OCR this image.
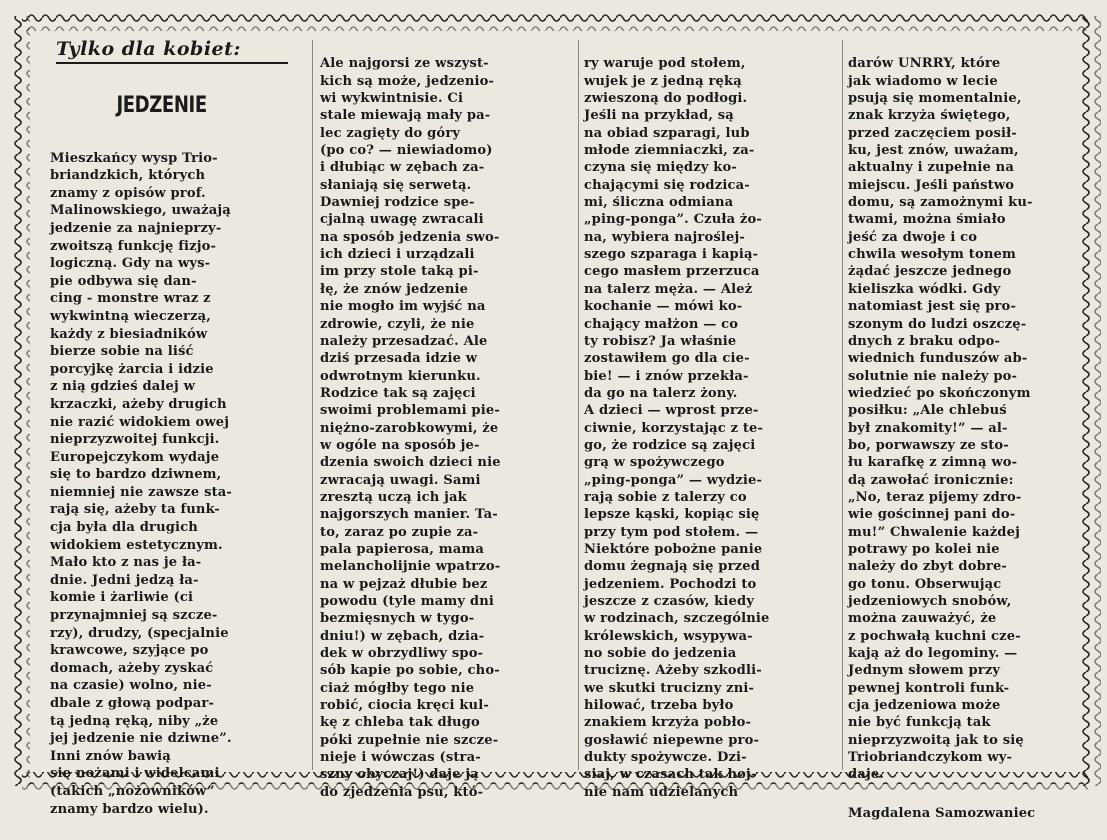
Tylko dla kobiet:
JEDZENIE

Mieszkańcy wysp Trio-
briandzkich, których
znamy z opisów prof.
Malinowskiego, uważają
jedzenie za najnieprzy-
zwoitszą funkcję fizjo-
logiczną. Gdy na wys-
pie odbywa się dan-
cing - monstre wraz z
wykwintną wieczerzą,
każdy z biesiadników
bierze sobie na liść
porcyjkę żarcia i idzie
z nią gdzieś dalej w
krzaczki, ażeby drugich
nie razić widokiem owej
nieprzyzwoitej funkcji.
Europejczykom wydaje
się to bardzo dziwnem,
niemniej nie zawsze sta-
rają się, ażeby ta funk-
cja była dla drugich
widokiem estetycznym.
Mało kto z nas je ła-
dnie. Jedni jedzą ła-
komie i żarliwie (ci
przynajmniej są szcze-
rzy), drudzy, (specjalnie
krawcowe, szyjące po
domach, ażeby zyskać
na czasie) wolno, nie-
dbale z głową podpar-
tą jedną ręką, niby „że
jej jedzenie nie dziwne”.
Inni znów bawią
się nożami i widelcami
(takich „nożowników”
znamy bardzo wielu).

Ale najgorsi ze wszyst-
kich są może, jedzenio-
wi wykwintnisie. Ci
stale miewają mały pa-
lec zagięty do góry
(po co? — niewiadomo)
i dłubiąc w zębach za-
słaniają się serwetą.
Dawniej rodzice spe-
cjalną uwagę zwracali
na sposób jedzenia swo-
ich dzieci i urządzali
im przy stole taką pi-
łę, że znów jedzenie
nie mogło im wyjść na
zdrowie, czyli, że nie
należy przesadzać. Ale
dziś przesada idzie w
odwrotnym kierunku.
Rodzice tak są zajęci
swoimi problemami pie-
niężno-zarobkowymi, że
w ogóle na sposób je-
dzenia swoich dzieci nie
zwracają uwagi. Sami
zresztą uczą ich jak
najgorszych manier. Ta-
to, zaraz po zupie za-
pala papierosa, mama
melancholijnie wpatrzo-
na w pejzaż dłubie bez
powodu (tyle mamy dni
bezmięsnych w tygo-
dniu!) w zębach, dzia-
dek w obrzydliwy spo-
sób kapie po sobie, cho-
ciaż mógłby tego nie
robić, ciocia kręci kul-
kę z chleba tak długo
póki zupełnie nie szcze-
nieje i wówczas (stra-
szny obyczaj!) daje ją
do zjedzenia psu, któ-

ry waruje pod stołem,
wujek je z jedną ręką
zwieszoną do podłogi.
Jeśli na przykład, są
na obiad szparagi, lub
młode ziemniaczki, za-
czyna się między ko-
chającymi się rodzica-
mi, śliczna odmiana
„ping-ponga”. Czuła żo-
na, wybiera najroślej-
szego szparaga i kapią-
cego masłem przerzuca
na talerz męża. — Ależ
kochanie — mówi ko-
chający małżon — co
ty robisz? Ja właśnie
zostawiłem go dla cie-
bie! — i znów przekła-
da go na talerz żony.
A dzieci — wprost prze-
ciwnie, korzystając z te-
go, że rodzice są zajęci
grą w spożywczego
„ping-ponga” — wydzie-
rają sobie z talerzy co
lepsze kąski, kopiąc się
przy tym pod stołem. —
Niektóre pobożne panie
domu żegnają się przed
jedzeniem. Pochodzi to
jeszcze z czasów, kiedy
w rodzinach, szczególnie
królewskich, wsypywa-
no sobie do jedzenia
truciznę. Ażeby szkodli-
we skutki trucizny zni-
hilować, trzeba było
znakiem krzyża pobło-
gosławić niepewne pro-
dukty spożywcze. Dzi-
siaj, w czasach tak hoj-
nie nam udzielanych

darów UNRRY, które
jak wiadomo w lecie
psują się momentalnie,
znak krzyża świętego,
przed zaczęciem posił-
ku, jest znów, uważam,
aktualny i zupełnie na
miejscu. Jeśli państwo
domu, są zamożnymi ku-
twami, można śmiało
jeść za dwoje i co
chwila wesołym tonem
żądać jeszcze jednego
kieliszka wódki. Gdy
natomiast jest się pro-
szonym do ludzi oszczę-
dnych z braku odpo-
wiednich funduszów ab-
solutnie nie należy po-
wiedzieć po skończonym
posiłku: „Ale chlebuś
był znakomity!” — al-
bo, porwawszy ze sto-
łu karafkę z zimną wo-
dą zawołać ironicznie:
„No, teraz pijemy zdro-
wie gościnnej pani do-
mu!” Chwalenie każdej
potrawy po kolei nie
należy do zbyt dobre-
go tonu. Obserwując
jedzeniowych snobów,
można zauważyć, że
z pochwałą kuchni cze-
kają aż do legominy. —
Jednym słowem przy
pewnej kontroli funk-
cja jedzeniowa może
nie być funkcją tak
nieprzyzwoitą jak to się
Triobriandczykom wy-
daje.

Magdalena Samozwaniec
